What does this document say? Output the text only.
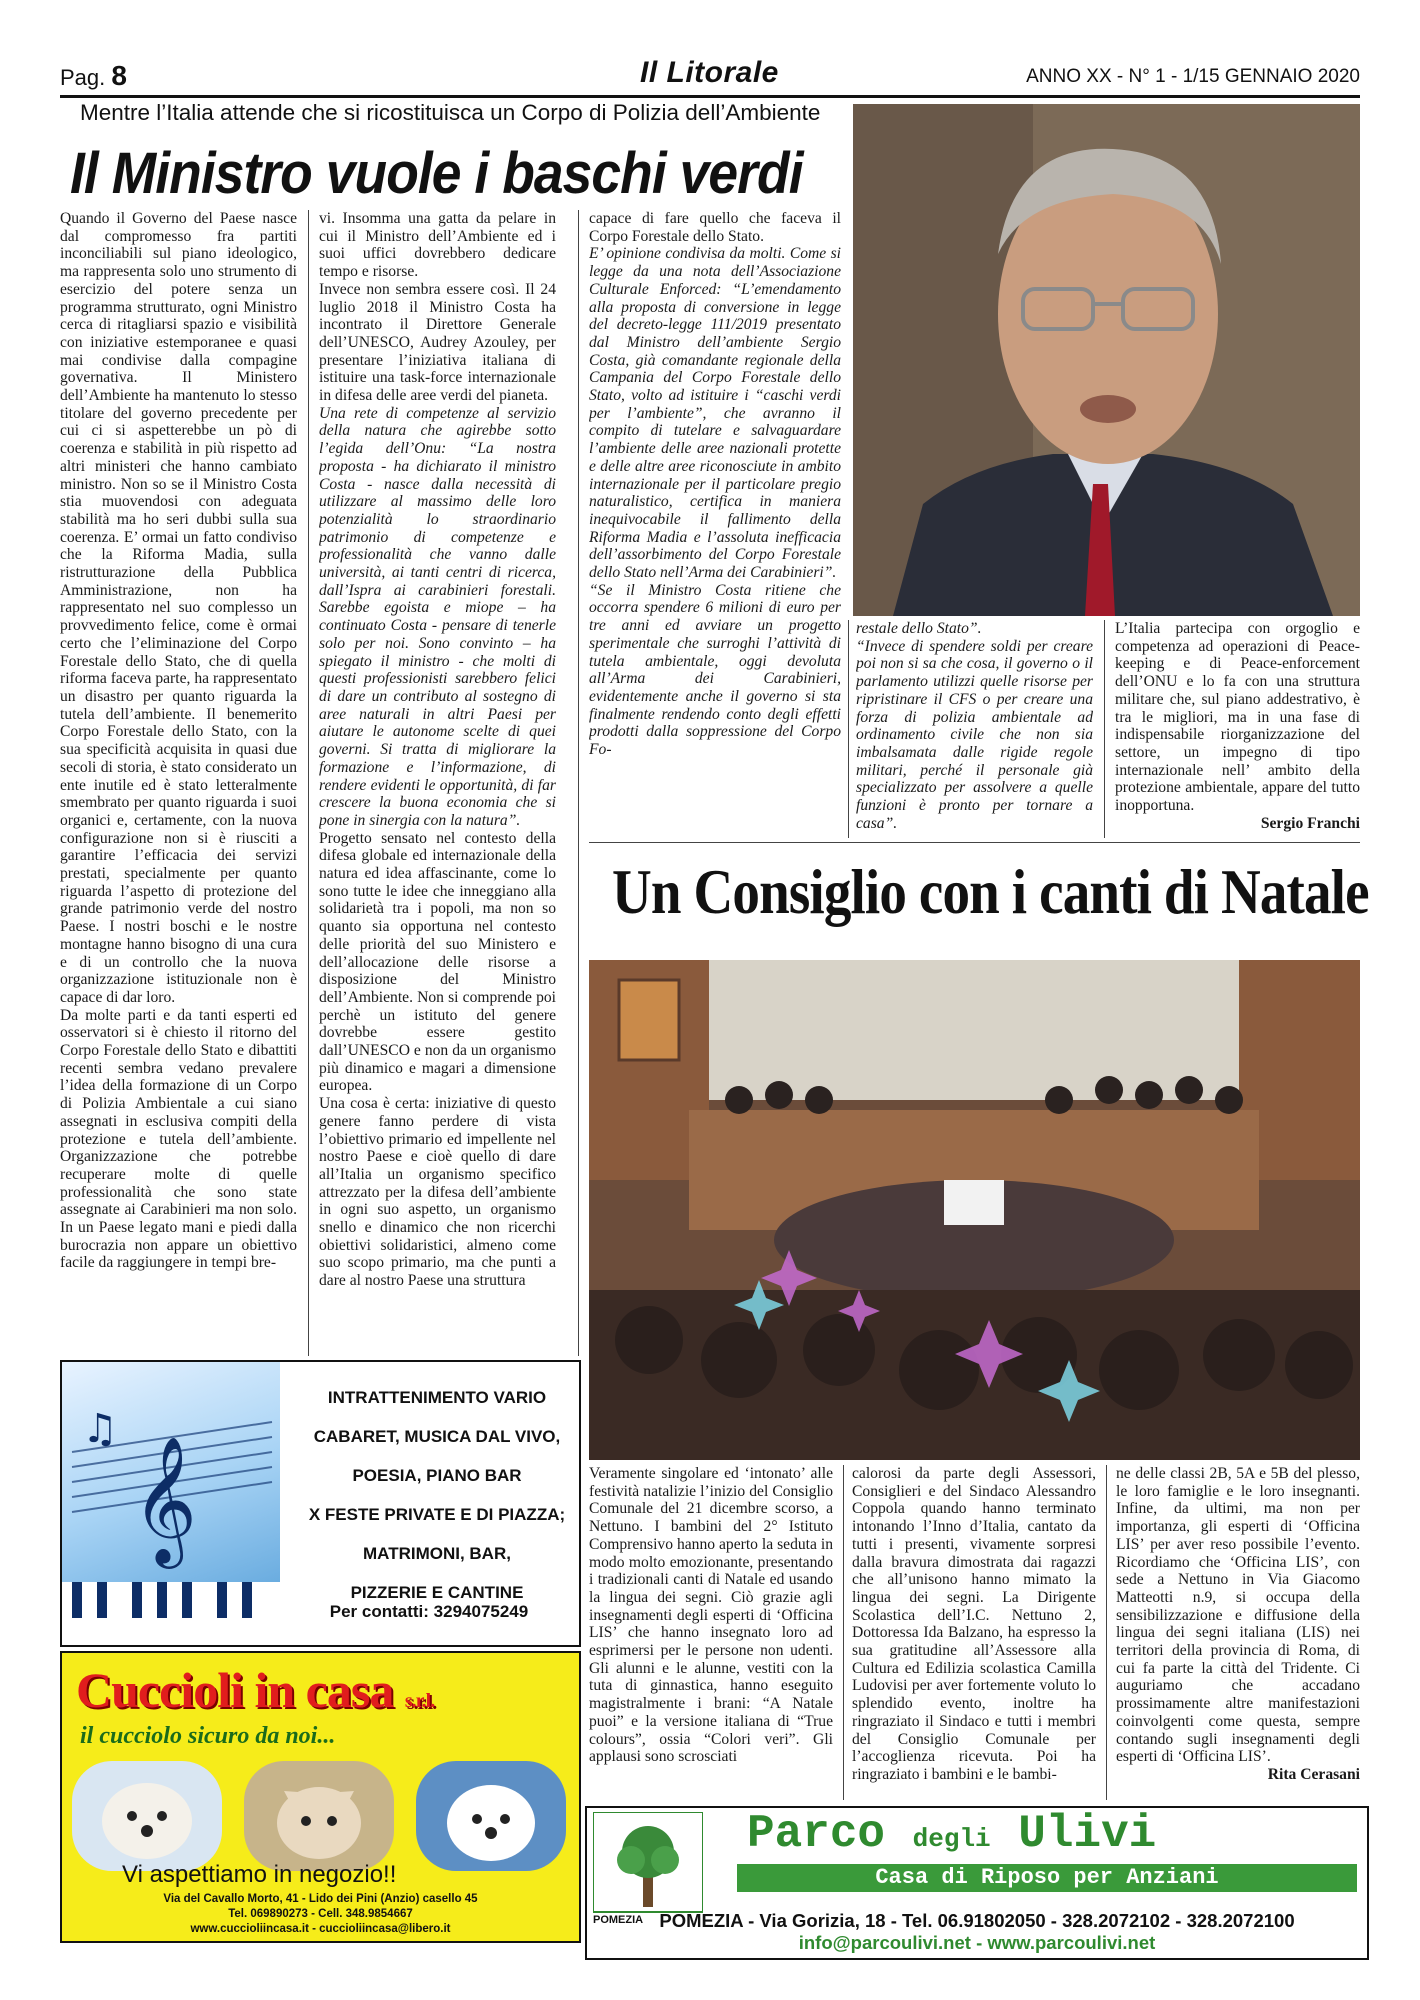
Pag. 8	Il Litorale	ANNO XX - N° 1 - 1/15 GENNAIO 2020
Mentre l’Italia attende che si ricostituisca un Corpo di Polizia dell’Ambiente
Il Ministro vuole i baschi verdi

Quando il Governo del Paese nasce dal compromesso fra partiti inconciliabili sul piano ideologico, ma rappresenta solo uno strumento di esercizio del potere senza un programma strutturato, ogni Ministro cerca di ritagliarsi spazio e visibilità con iniziative estemporanee e quasi mai condivise dalla compagine governativa. Il Ministero dell’Ambiente ha mantenuto lo stesso titolare del governo precedente per cui ci si aspetterebbe un pò di coerenza e stabilità in più rispetto ad altri ministeri che hanno cambiato ministro. Non so se il Ministro Costa stia muovendosi con adeguata stabilità ma ho seri dubbi sulla sua coerenza. E’ ormai un fatto condiviso che la Riforma Madia, sulla ristrutturazione della Pubblica Amministrazione, non ha rappresentato nel suo complesso un provvedimento felice, come è ormai certo che l’eliminazione del Corpo Forestale dello Stato, che di quella riforma faceva parte, ha rappresentato un disastro per quanto riguarda la tutela dell’ambiente. Il benemerito Corpo Forestale dello Stato, con la sua specificità acquisita in quasi due secoli di storia, è stato considerato un ente inutile ed è stato letteralmente smembrato per quanto riguarda i suoi organici e, certamente, con la nuova configurazione non si è riusciti a garantire l’efficacia dei servizi prestati, specialmente per quanto riguarda l’aspetto di protezione del grande patrimonio verde del nostro Paese. I nostri boschi e le nostre montagne hanno bisogno di una cura e di un controllo che la nuova organizzazione istituzionale non è capace di dar loro.

Da molte parti e da tanti esperti ed osservatori si è chiesto il ritorno del Corpo Forestale dello Stato e dibattiti recenti sembra vedano prevalere l’idea della formazione di un Corpo di Polizia Ambientale a cui siano assegnati in esclusiva compiti della protezione e tutela dell’ambiente. Organizzazione che potrebbe recuperare molte di quelle professionalità che sono state assegnate ai Carabinieri ma non solo. In un Paese legato mani e piedi dalla burocrazia non appare un obiettivo facile da raggiungere in tempi bre-

vi. Insomma una gatta da pelare in cui il Ministro dell’Ambiente ed i suoi uffici dovrebbero dedicare tempo e risorse.

Invece non sembra essere così. Il 24 luglio 2018 il Ministro Costa ha incontrato il Direttore Generale dell’UNESCO, Audrey Azouley, per presentare l’iniziativa italiana di istituire una task-force internazionale in difesa delle aree verdi del pianeta.

Una rete di competenze al servizio della natura che agirebbe sotto l’egida dell’Onu: “La nostra proposta - ha dichiarato il ministro Costa - nasce dalla necessità di utilizzare al massimo delle loro potenzialità lo straordinario patrimonio di competenze e professionalità che vanno dalle università, ai tanti centri di ricerca, dall’Ispra ai carabinieri forestali. Sarebbe egoista e miope – ha continuato Costa - pensare di tenerle solo per noi. Sono convinto – ha spiegato il ministro - che molti di questi professionisti sarebbero felici di dare un contributo al sostegno di aree naturali in altri Paesi per aiutare le autonome scelte di quei governi. Si tratta di migliorare la formazione e l’informazione, di rendere evidenti le opportunità, di far crescere la buona economia che si pone in sinergia con la natura”.

Progetto sensato nel contesto della difesa globale ed internazionale della natura ed idea affascinante, come lo sono tutte le idee che inneggiano alla solidarietà tra i popoli, ma non so quanto sia opportuna nel contesto delle priorità del suo Ministero e dell’allocazione delle risorse a disposizione del Ministro dell’Ambiente. Non si comprende poi perchè un istituto del genere dovrebbe essere gestito dall’UNESCO e non da un organismo più dinamico e magari a dimensione europea.

Una cosa è certa: iniziative di questo genere fanno perdere di vista l’obiettivo primario ed impellente nel nostro Paese e cioè quello di dare all’Italia un organismo specifico attrezzato per la difesa dell’ambiente in ogni suo aspetto, un organismo snello e dinamico che non ricerchi obiettivi solidaristici, almeno come suo scopo primario, ma che punti a dare al nostro Paese una struttura

capace di fare quello che faceva il Corpo Forestale dello Stato.

E’ opinione condivisa da molti. Come si legge da una nota dell’Associazione Culturale Enforced: “L’emendamento alla proposta di conversione in legge del decreto-legge 111/2019 presentato dal Ministro dell’ambiente Sergio Costa, già comandante regionale della Campania del Corpo Forestale dello Stato, volto ad istituire i “caschi verdi per l’ambiente”, che avranno il compito di tutelare e salvaguardare l’ambiente delle aree nazionali protette e delle altre aree riconosciute in ambito internazionale per il particolare pregio naturalistico, certifica in maniera inequivocabile il fallimento della Riforma Madia e l’assoluta inefficacia dell’assorbimento del Corpo Forestale dello Stato nell’Arma dei Carabinieri”.

“Se il Ministro Costa ritiene che occorra spendere 6 milioni di euro per tre anni ed avviare un progetto sperimentale che surroghi l’attività di tutela ambientale, oggi devoluta all’Arma dei Carabinieri, evidentemente anche il governo si sta finalmente rendendo conto degli effetti prodotti dalla soppressione del Corpo Fo-

restale dello Stato”.

“Invece di spendere soldi per creare poi non si sa che cosa, il governo o il parlamento utilizzi quelle risorse per ripristinare il CFS o per creare una forza di polizia ambientale ad ordinamento civile che non sia imbalsamata dalle rigide regole militari, perché il personale già specializzato per assolvere a quelle funzioni è pronto per tornare a casa”.

L’Italia partecipa con orgoglio e competenza ad operazioni di Peace-keeping e di Peace-enforcement dell’ONU e lo fa con una struttura militare che, sul piano addestrativo, è tra le migliori, ma in una fase di indispensabile riorganizzazione del settore, un impegno di tipo internazionale nell’ ambito della protezione ambientale, appare del tutto inopportuna.

Sergio Franchi

Un Consiglio con i canti di Natale

Veramente singolare ed ‘intonato’ alle festività natalizie l’inizio del Consiglio Comunale del 21 dicembre scorso, a Nettuno. I bambini del 2° Istituto Comprensivo hanno aperto la seduta in modo molto emozionante, presentando i tradizionali canti di Natale ed usando la lingua dei segni. Ciò grazie agli insegnamenti degli esperti di ‘Officina LIS’ che hanno insegnato loro ad esprimersi per le persone non udenti. Gli alunni e le alunne, vestiti con la tuta di ginnastica, hanno eseguito magistralmente i brani: “A Natale puoi” e la versione italiana di “True colours”, ossia “Colori veri”. Gli applausi sono scrosciati

calorosi da parte degli Assessori, Consiglieri e del Sindaco Alessandro Coppola quando hanno terminato intonando l’Inno d’Italia, cantato da tutti i presenti, vivamente sorpresi dalla bravura dimostrata dai ragazzi che all’unisono hanno mimato la lingua dei segni. La Dirigente Scolastica dell’I.C. Nettuno 2, Dottoressa Ida Balzano, ha espresso la sua gratitudine all’Assessore alla Cultura ed Edilizia scolastica Camilla Ludovisi per aver fortemente voluto lo splendido evento, inoltre ha ringraziato il Sindaco e tutti i membri del Consiglio Comunale per l’accoglienza ricevuta. Poi ha ringraziato i bambini e le bambi-

ne delle classi 2B, 5A e 5B del plesso, le loro famiglie e le loro insegnanti. Infine, da ultimi, ma non per importanza, gli esperti di ‘Officina LIS’ per aver reso possibile l’evento. Ricordiamo che ‘Officina LIS’, con sede a Nettuno in Via Giacomo Matteotti n.9, si occupa della sensibilizzazione e diffusione della lingua dei segni italiana (LIS) nei territori della provincia di Roma, di cui fa parte la città del Tridente. Ci auguriamo che accadano prossimamente altre manifestazioni coinvolgenti come questa, sempre contando sugli insegnamenti degli esperti di ‘Officina LIS’.

Rita Cerasani

𝄞
♫
INTRATTENIMENTO VARIO
CABARET, MUSICA DAL VIVO,
POESIA, PIANO BAR
X FESTE PRIVATE E DI PIAZZA;
MATRIMONI, BAR,
PIZZERIE E CANTINE
Per contatti: 3294075249
Cuccioli in casa s.r.l.
il cucciolo sicuro da noi...
Vi aspettiamo in negozio!!
Via del Cavallo Morto, 41 - Lido dei Pini (Anzio) casello 45
Tel. 069890273 - Cell. 348.9854667
www.cuccioliincasa.it - cuccioliincasa@libero.it
POMEZIA
Parco degli Ulivi
Casa di Riposo per Anziani
POMEZIA - Via Gorizia, 18 - Tel. 06.91802050 - 328.2072102 - 328.2072100
info@parcoulivi.net - www.parcoulivi.net
